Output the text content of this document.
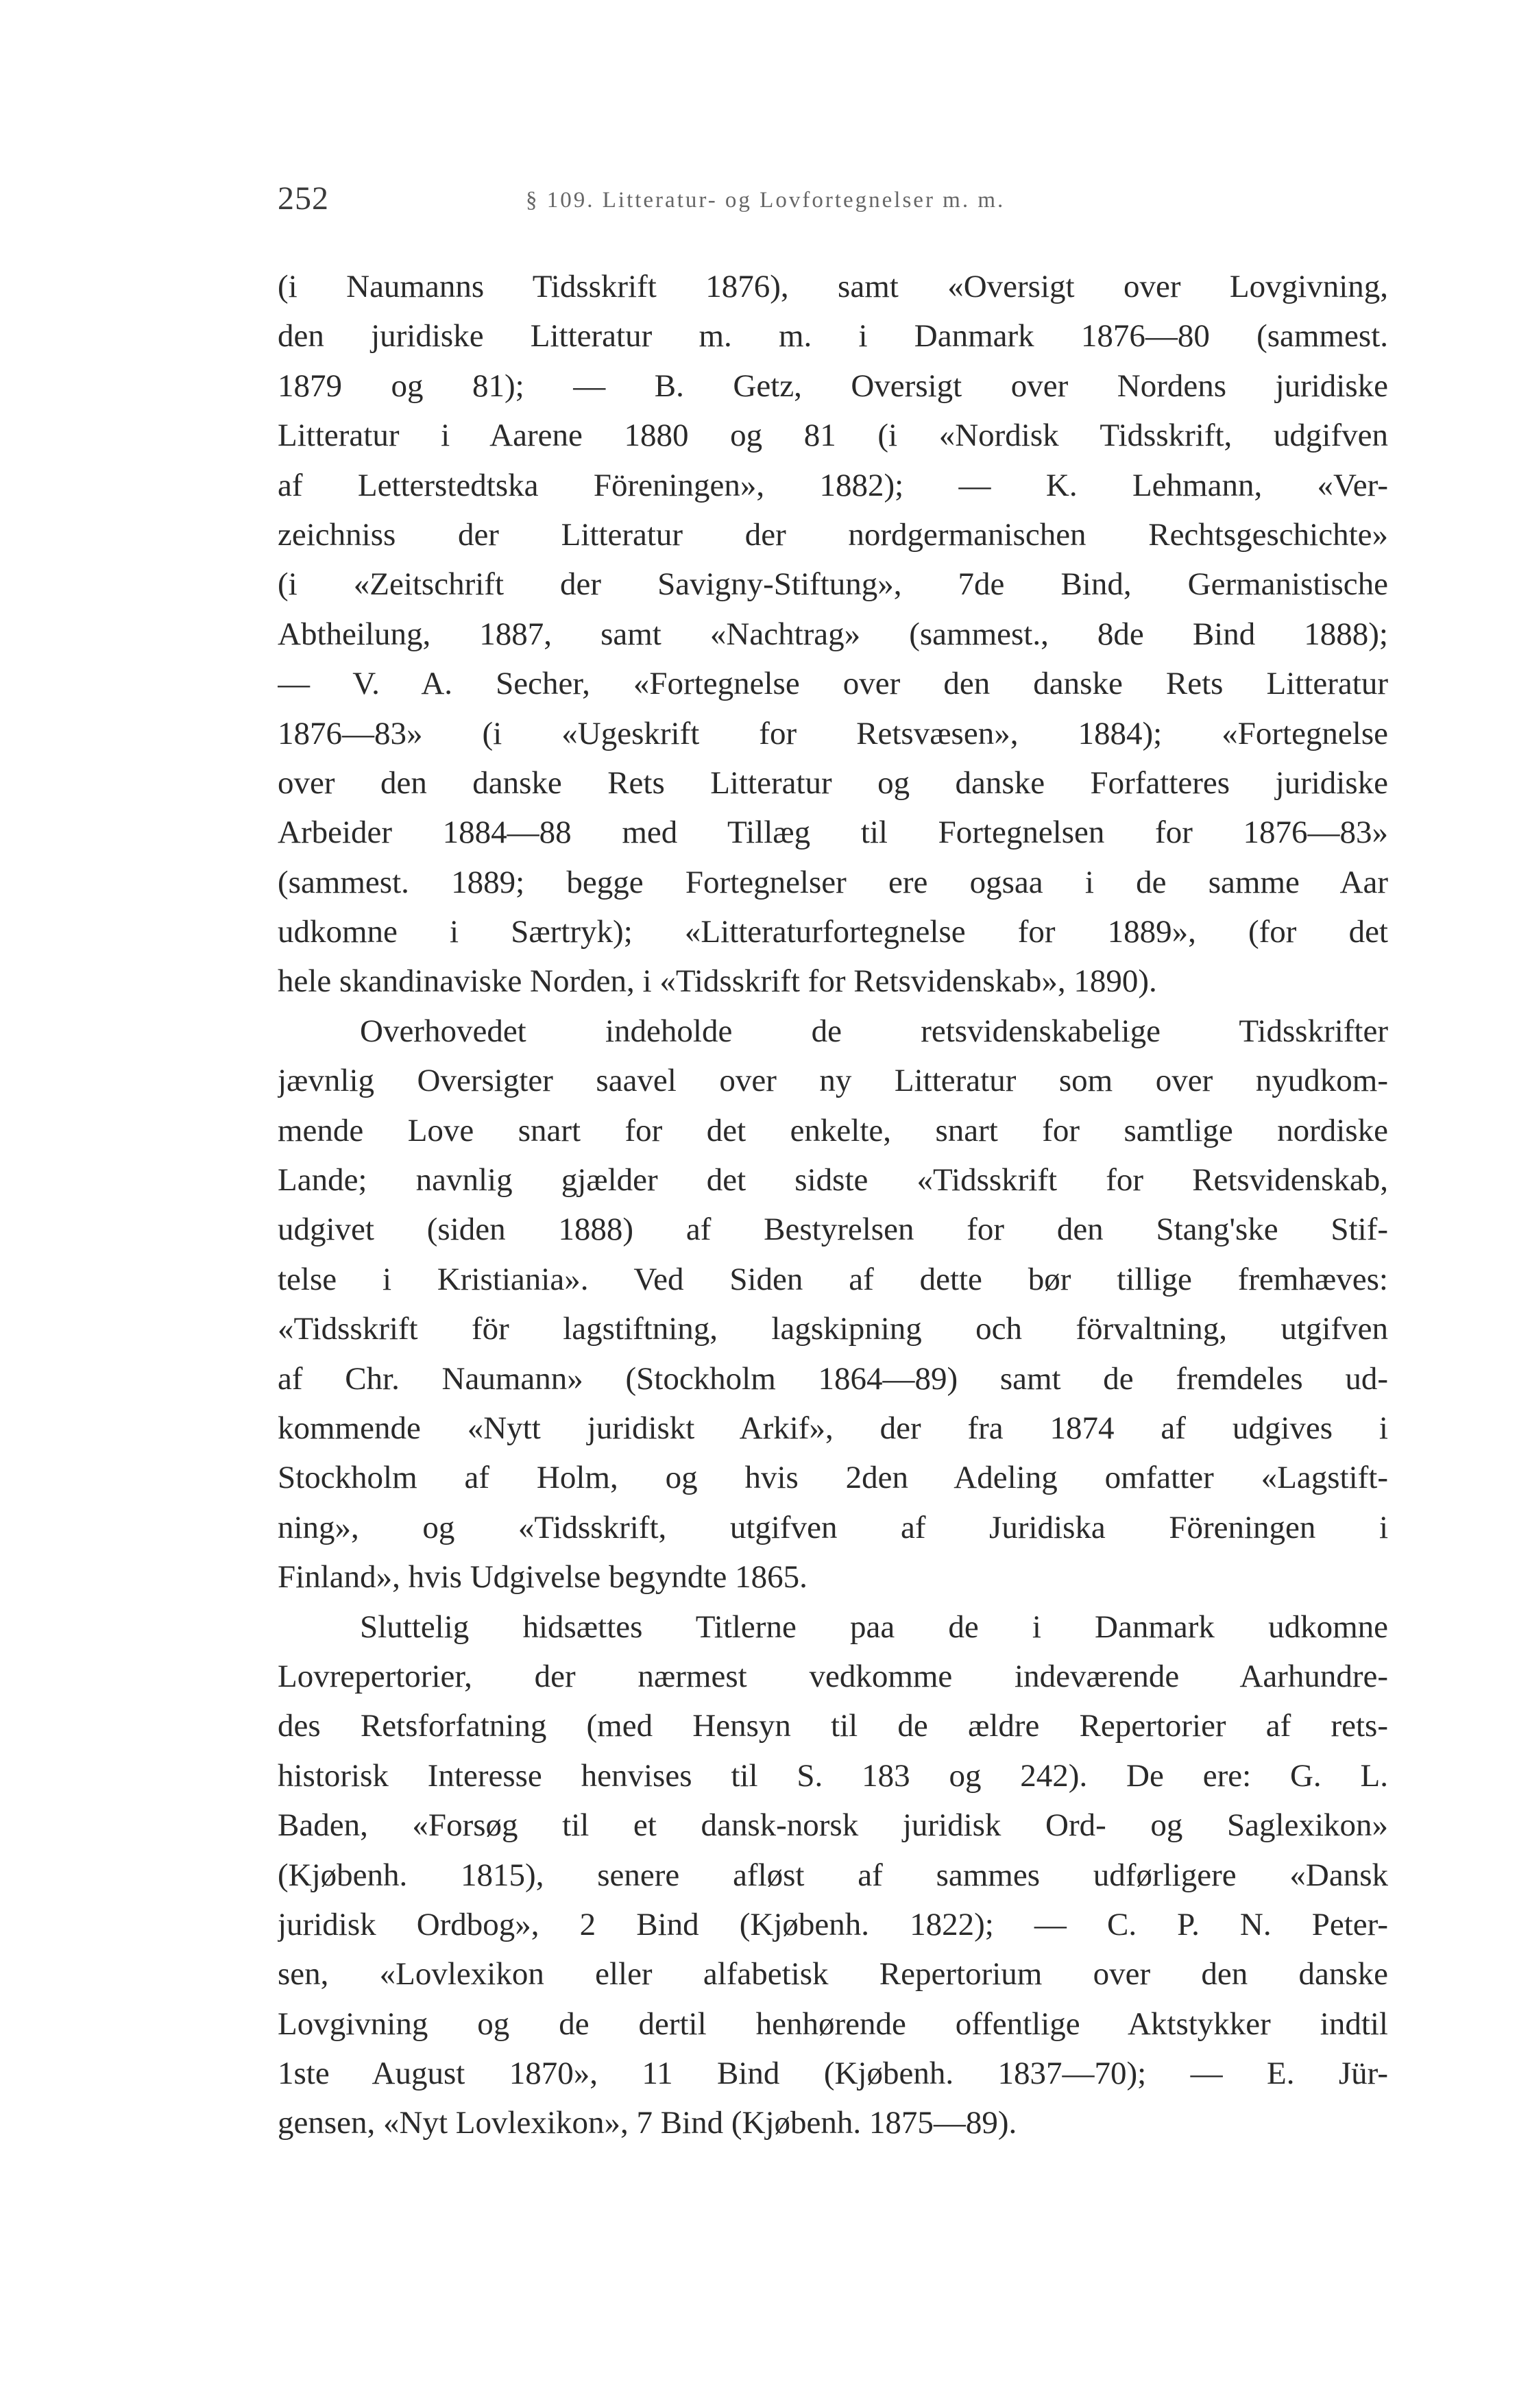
252	§ 109. Litteratur- og Lovfortegnelser m. m.
(i Naumanns Tidsskrift 1876), samt «Oversigt over Lovgivning,
den juridiske Litteratur m. m. i Danmark 1876—80 (sammest.
1879 og 81); — B. Getz, Oversigt over Nordens juridiske
Litteratur i Aarene 1880 og 81 (i «Nordisk Tidsskrift, udgifven
af Letterstedtska Föreningen», 1882); — K. Lehmann, «Ver-
zeichniss der Litteratur der nordgermanischen Rechtsgeschichte»
(i «Zeitschrift der Savigny-Stiftung», 7de Bind, Germanistische
Abtheilung, 1887, samt «Nachtrag» (sammest., 8de Bind 1888);
— V. A. Secher, «Fortegnelse over den danske Rets Litteratur
1876—83» (i «Ugeskrift for Retsvæsen», 1884); «Fortegnelse
over den danske Rets Litteratur og danske Forfatteres juridiske
Arbeider 1884—88 med Tillæg til Fortegnelsen for 1876—83»
(sammest. 1889; begge Fortegnelser ere ogsaa i de samme Aar
udkomne i Særtryk); «Litteraturfortegnelse for 1889», (for det
hele skandinaviske Norden, i «Tidsskrift for Retsvidenskab», 1890).
Overhovedet indeholde de retsvidenskabelige Tidsskrifter
jævnlig Oversigter saavel over ny Litteratur som over nyudkom-
mende Love snart for det enkelte, snart for samtlige nordiske
Lande; navnlig gjælder det sidste «Tidsskrift for Retsvidenskab,
udgivet (siden 1888) af Bestyrelsen for den Stang'ske Stif-
telse i Kristiania». Ved Siden af dette bør tillige fremhæves:
«Tidsskrift för lagstiftning, lagskipning och förvaltning, utgifven
af Chr. Naumann» (Stockholm 1864—89) samt de fremdeles ud-
kommende «Nytt juridiskt Arkif», der fra 1874 af udgives i
Stockholm af Holm, og hvis 2den Adeling omfatter «Lagstift-
ning», og «Tidsskrift, utgifven af Juridiska Föreningen i
Finland», hvis Udgivelse begyndte 1865.
Sluttelig hidsættes Titlerne paa de i Danmark udkomne
Lovrepertorier, der nærmest vedkomme indeværende Aarhundre-
des Retsforfatning (med Hensyn til de ældre Repertorier af rets-
historisk Interesse henvises til S. 183 og 242). De ere: G. L.
Baden, «Forsøg til et dansk-norsk juridisk Ord- og Saglexikon»
(Kjøbenh. 1815), senere afløst af sammes udførligere «Dansk
juridisk Ordbog», 2 Bind (Kjøbenh. 1822); — C. P. N. Peter-
sen, «Lovlexikon eller alfabetisk Repertorium over den danske
Lovgivning og de dertil henhørende offentlige Aktstykker indtil
1ste August 1870», 11 Bind (Kjøbenh. 1837—70); — E. Jür-
gensen, «Nyt Lovlexikon», 7 Bind (Kjøbenh. 1875—89).
